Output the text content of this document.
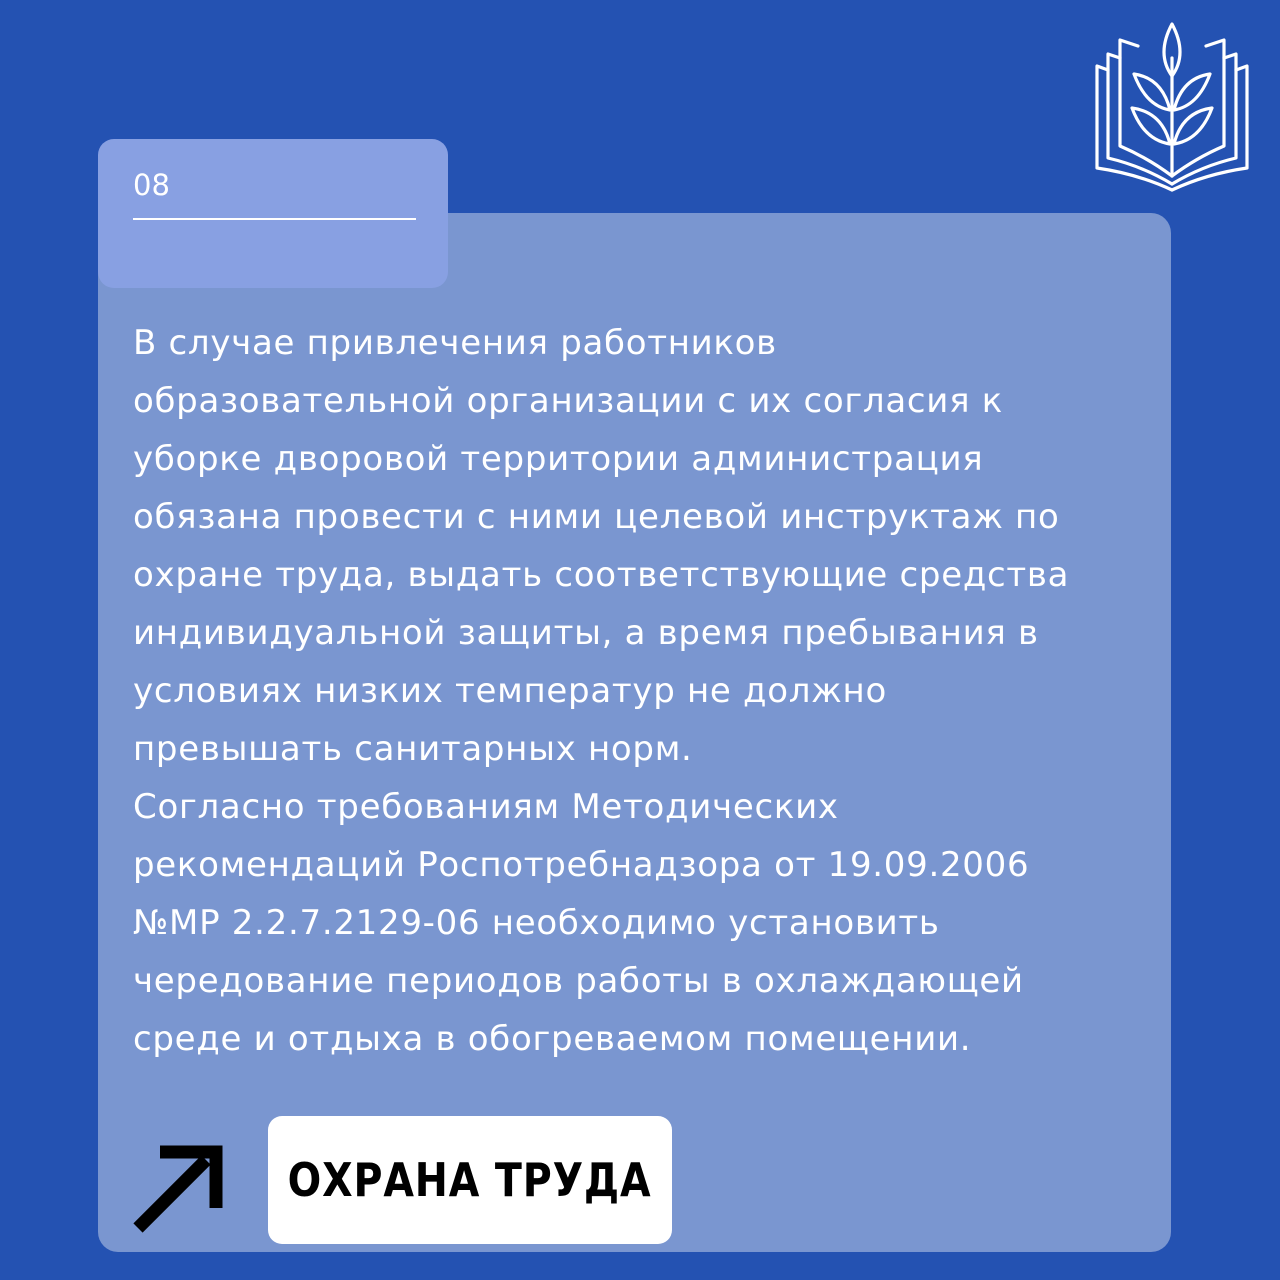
08

В случае привлечения работников
образовательной организации с их согласия к
уборке дворовой территории администрация
обязана провести с ними целевой инструктаж по
охране труда, выдать соответствующие средства
индивидуальной защиты, а время пребывания в
условиях низких температур не должно
превышать санитарных норм.

Согласно требованиям Методических
рекомендаций Роспотребнадзора от 19.09.2006
№МР 2.2.7.2129-06 необходимо установить
чередование периодов работы в охлаждающей
среде и отдыха в обогреваемом помещении.

ОХРАНА ТРУДА
